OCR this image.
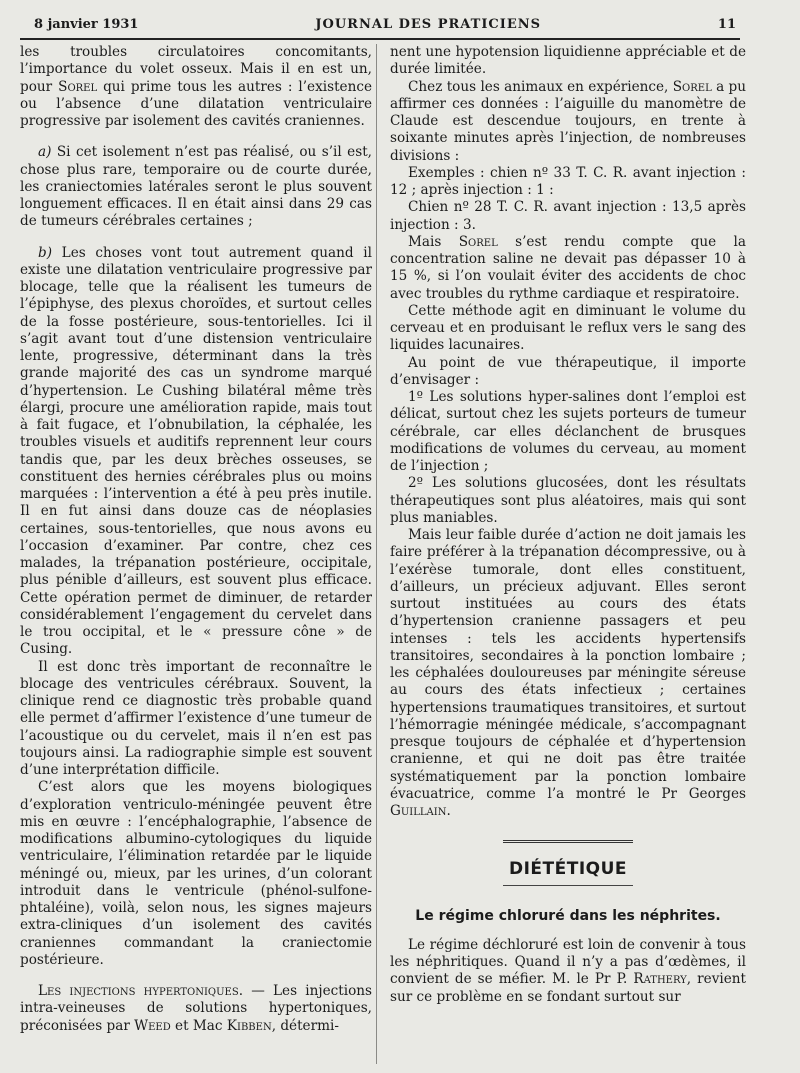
8 janvier 1931	JOURNAL DES PRATICIENS	11

les troubles circulatoires concomitants, l’importance du volet osseux. Mais il en est un, pour Sorel qui prime tous les autres : l’existence ou l’absence d’une dilatation ventriculaire progressive par isolement des cavités craniennes.

a) Si cet isolement n’est pas réalisé, ou s’il est, chose plus rare, temporaire ou de courte durée, les craniectomies latérales seront le plus souvent longuement efficaces. Il en était ainsi dans 29 cas de tumeurs cérébrales certaines ;

b) Les choses vont tout autrement quand il existe une dilatation ventriculaire progressive par blocage, telle que la réalisent les tumeurs de l’épiphyse, des plexus choroïdes, et surtout celles de la fosse postérieure, sous-tentorielles. Ici il s’agit avant tout d’une distension ventriculaire lente, progressive, déterminant dans la très grande majorité des cas un syndrome marqué d’hypertension. Le Cushing bilatéral même très élargi, procure une amélioration rapide, mais tout à fait fugace, et l’obnubilation, la céphalée, les troubles visuels et auditifs reprennent leur cours tandis que, par les deux brèches osseuses, se constituent des hernies cérébrales plus ou moins marquées : l’intervention a été à peu près inutile. Il en fut ainsi dans douze cas de néoplasies certaines, sous-tentorielles, que nous avons eu l’occasion d’examiner. Par contre, chez ces malades, la trépanation postérieure, occipitale, plus pénible d’ailleurs, est souvent plus efficace. Cette opération permet de diminuer, de retarder considérablement l’engagement du cervelet dans le trou occipital, et le « pressure cône » de Cusing.

Il est donc très important de reconnaître le blocage des ventricules cérébraux. Souvent, la clinique rend ce diagnostic très probable quand elle permet d’affirmer l’existence d’une tumeur de l’acoustique ou du cervelet, mais il n’en est pas toujours ainsi. La radiographie simple est souvent d’une interprétation difficile.

C’est alors que les moyens biologiques d’exploration ventriculo-méningée peuvent être mis en œuvre : l’encéphalographie, l’absence de modifications albumino-cytologiques du liquide ventriculaire, l’élimination retardée par le liquide méningé ou, mieux, par les urines, d’un colorant introduit dans le ventricule (phénol-sulfone-phtaléine), voilà, selon nous, les signes majeurs extra-cliniques d’un isolement des cavités craniennes commandant la craniectomie postérieure.

Les injections hypertoniques. — Les injections intra-veineuses de solutions hypertoniques, préconisées par Weed et Mac Kibben, détermi-

nent une hypotension liquidienne appréciable et de durée limitée.

Chez tous les animaux en expérience, Sorel a pu affirmer ces données : l’aiguille du manomètre de Claude est descendue toujours, en trente à soixante minutes après l’injection, de nombreuses divisions :

Exemples : chien nº 33 T. C. R. avant injection : 12 ; après injection : 1 :

Chien nº 28 T. C. R. avant injection : 13,5 après injection : 3.

Mais Sorel s’est rendu compte que la concentration saline ne devait pas dépasser 10 à 15 %, si l’on voulait éviter des accidents de choc avec troubles du rythme cardiaque et respiratoire.

Cette méthode agit en diminuant le volume du cerveau et en produisant le reflux vers le sang des liquides lacunaires.

Au point de vue thérapeutique, il importe d’envisager :

1º Les solutions hyper-salines dont l’emploi est délicat, surtout chez les sujets porteurs de tumeur cérébrale, car elles déclanchent de brusques modifications de volumes du cerveau, au moment de l’injection ;

2º Les solutions glucosées, dont les résultats thérapeutiques sont plus aléatoires, mais qui sont plus maniables.

Mais leur faible durée d’action ne doit jamais les faire préférer à la trépanation décompressive, ou à l’exérèse tumorale, dont elles constituent, d’ailleurs, un précieux adjuvant. Elles seront surtout instituées au cours des états d’hypertension cranienne passagers et peu intenses : tels les accidents hypertensifs transitoires, secondaires à la ponction lombaire ; les céphalées douloureuses par méningite séreuse au cours des états infectieux ; certaines hypertensions traumatiques transitoires, et surtout l’hémorragie méningée médicale, s’accompagnant presque toujours de céphalée et d’hypertension cranienne, et qui ne doit pas être traitée systématiquement par la ponction lombaire évacuatrice, comme l’a montré le Pr Georges Guillain.

DIÉTÉTIQUE
Le régime chloruré dans les néphrites.

Le régime déchloruré est loin de convenir à tous les néphritiques. Quand il n’y a pas d’œdèmes, il convient de se méfier. M. le Pr P. Rathery, revient sur ce problème en se fondant surtout sur
